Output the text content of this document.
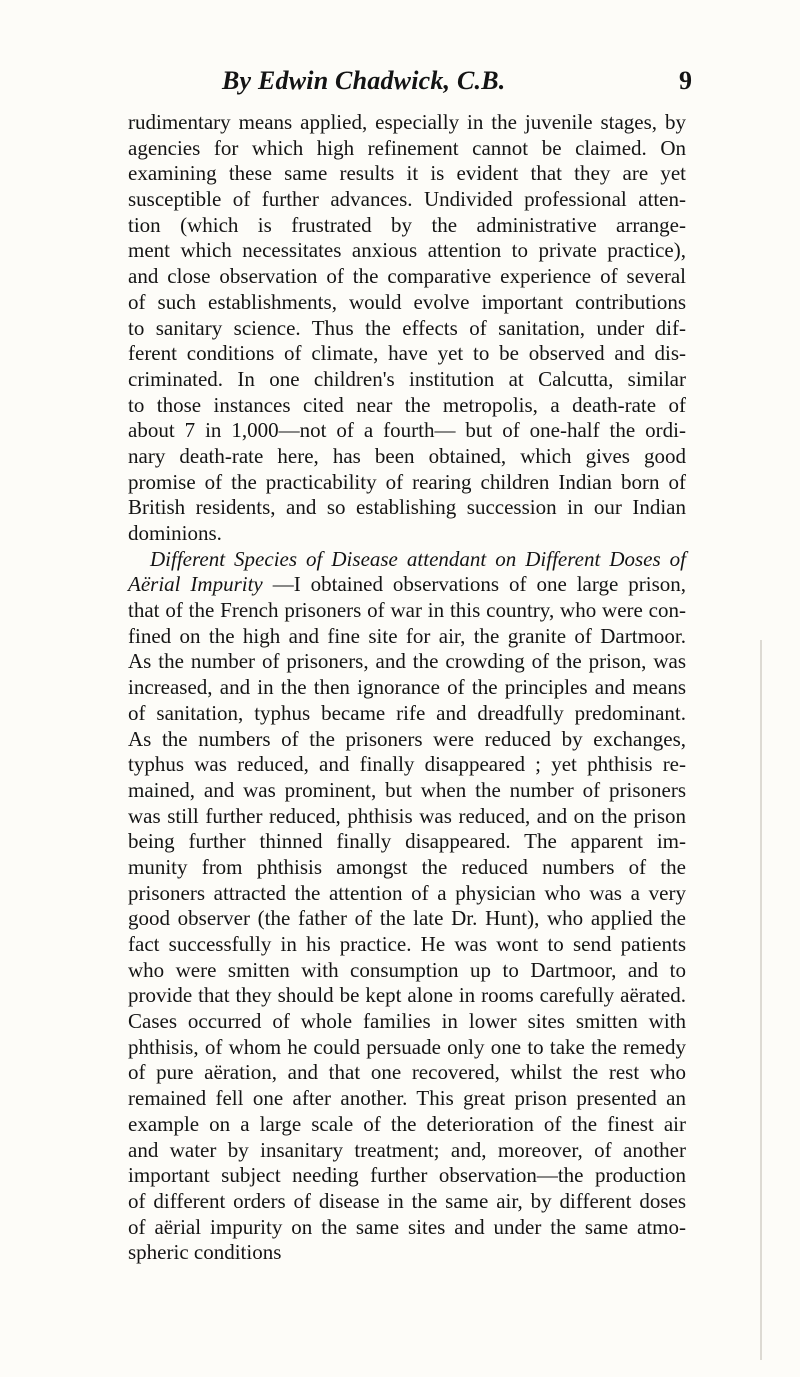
By Edwin Chadwick, C.B.	9
rudimentary means applied, especially in the juvenile stages, by
agencies for which high refinement cannot be claimed. On
examining these same results it is evident that they are yet
susceptible of further advances. Undivided professional atten-
tion (which is frustrated by the administrative arrange-
ment which necessitates anxious attention to private practice),
and close observation of the comparative experience of several
of such establishments, would evolve important contributions
to sanitary science. Thus the effects of sanitation, under dif-
ferent conditions of climate, have yet to be observed and dis-
criminated. In one children's institution at Calcutta, similar
to those instances cited near the metropolis, a death-rate of
about 7 in 1,000—not of a fourth— but of one-half the ordi-
nary death-rate here, has been obtained, which gives good
promise of the practicability of rearing children Indian born of
British residents, and so establishing succession in our Indian
dominions.
Different Species of Disease attendant on Different Doses of
Aërial Impurity —I obtained observations of one large prison,
that of the French prisoners of war in this country, who were con-
fined on the high and fine site for air, the granite of Dartmoor.
As the number of prisoners, and the crowding of the prison, was
increased, and in the then ignorance of the principles and means
of sanitation, typhus became rife and dreadfully predominant.
As the numbers of the prisoners were reduced by exchanges,
typhus was reduced, and finally disappeared ; yet phthisis re-
mained, and was prominent, but when the number of prisoners
was still further reduced, phthisis was reduced, and on the prison
being further thinned finally disappeared. The apparent im-
munity from phthisis amongst the reduced numbers of the
prisoners attracted the attention of a physician who was a very
good observer (the father of the late Dr. Hunt), who applied the
fact successfully in his practice. He was wont to send patients
who were smitten with consumption up to Dartmoor, and to
provide that they should be kept alone in rooms carefully aërated.
Cases occurred of whole families in lower sites smitten with
phthisis, of whom he could persuade only one to take the remedy
of pure aëration, and that one recovered, whilst the rest who
remained fell one after another. This great prison presented an
example on a large scale of the deterioration of the finest air
and water by insanitary treatment; and, moreover, of another
important subject needing further observation—the production
of different orders of disease in the same air, by different doses
of aërial impurity on the same sites and under the same atmo-
spheric conditions
